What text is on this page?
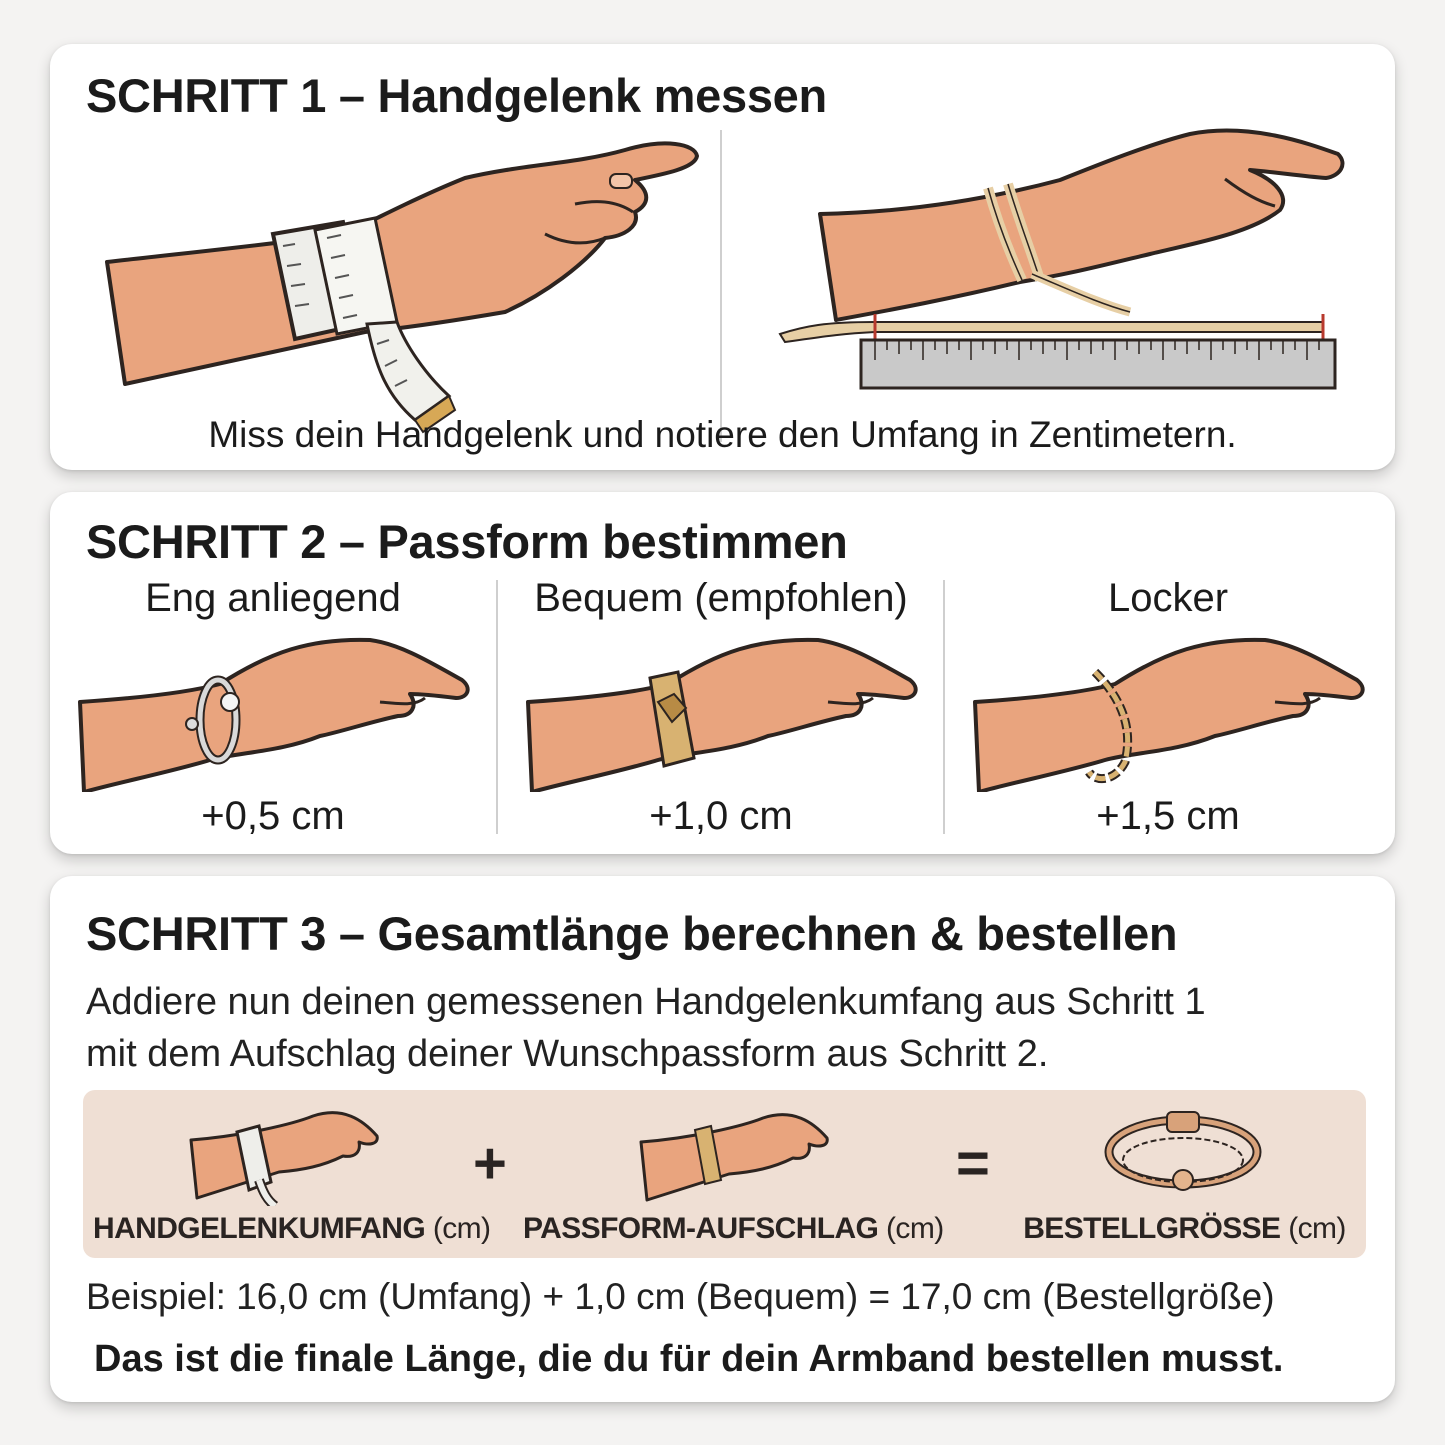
SCHRITT 1 – Handgelenk messen

Miss dein Handgelenk und notiere den Umfang in Zentimetern.

SCHRITT 2 – Passform bestimmen
Eng anliegend
+0,5 cm
Bequem (empfohlen)
+1,0 cm
Locker
+1,5 cm
SCHRITT 3 – Gesamtlänge berechnen & bestellen

Addiere nun deinen gemessenen Handgelenkumfang aus Schritt 1
mit dem Aufschlag deiner Wunschpassform aus Schritt 2.

HANDGELENKUMFANG (cm)
+
PASSFORM-AUFSCHLAG (cm)
=
BESTELLGRÖSSE (cm)

Beispiel: 16,0 cm (Umfang) + 1,0 cm (Bequem) = 17,0 cm (Bestellgröße)

Das ist die finale Länge, die du für dein Armband bestellen musst.
